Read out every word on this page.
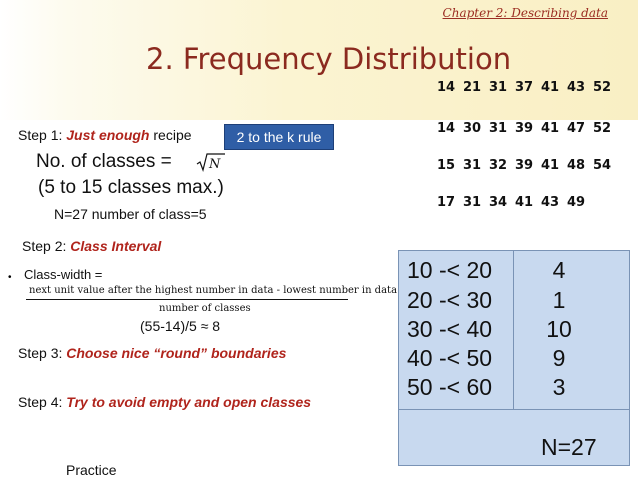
Chapter 2: Describing data
2. Frequency Distribution
14 21 31 37 41 43 52
14 30 31 39 41 47 52
15 31 32 39 41 48 54
17 31 34 41 43 49
Step 1: Just enough recipe	2 to the k rule
No. of classes =	N
(5 to 15 classes max.)
N=27 number of class=5
Step 2: Class Interval
• Class-width =
next unit value after the highest number in data - lowest number in data
number of classes
(55-14)/5 ≈ 8
Step 3: Choose nice “round” boundaries
Step 4: Try to avoid empty and open classes
Practice
10 -< 20	4
20 -< 30	1
30 -< 40	10
40 -< 50	9
50 -< 60	3
N=27
